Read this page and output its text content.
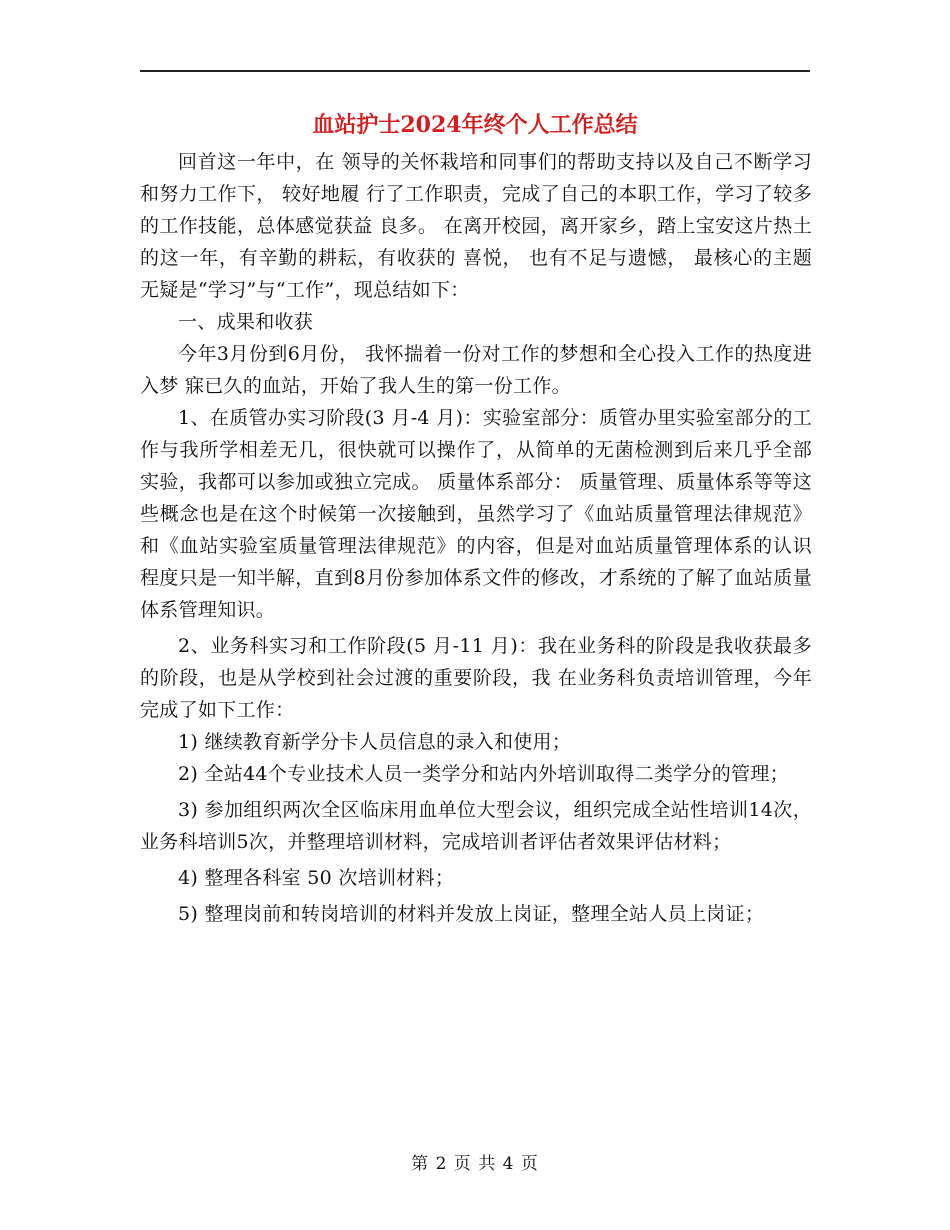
血站护士2024年终个人工作总结

回首这一年中，在 领导的关怀栽培和同事们的帮助支持以及自己不断学习和努力工作下， 较好地履 行了工作职责，完成了自己的本职工作，学习了较多的工作技能，总体感觉获益 良多。 在离开校园，离开家乡，踏上宝安这片热土的这一年，有辛勤的耕耘，有收获的 喜悦， 也有不足与遗憾， 最核心的主题无疑是“学习”与“工作”，现总结如下：

一、成果和收获

今年3月份到6月份， 我怀揣着一份对工作的梦想和全心投入工作的热度进入梦 寐已久的血站，开始了我人生的第一份工作。

1、在质管办实习阶段(3 月-4 月)：实验室部分：质管办里实验室部分的工作与我所学相差无几，很快就可以操作了，从简单的无菌检测到后来几乎全部实验，我都可以参加或独立完成。 质量体系部分： 质量管理、质量体系等等这些概念也是在这个时候第一次接触到，虽然学习了《血站质量管理法律规范》和《血站实验室质量管理法律规范》的内容，但是对血站质量管理体系的认识程度只是一知半解，直到8月份参加体系文件的修改，才系统的了解了血站质量体系管理知识。

2、业务科实习和工作阶段(5 月-11 月)：我在业务科的阶段是我收获最多的阶段，也是从学校到社会过渡的重要阶段，我 在业务科负责培训管理，今年完成了如下工作：

1) 继续教育新学分卡人员信息的录入和使用；

2) 全站44个专业技术人员一类学分和站内外培训取得二类学分的管理；

3) 参加组织两次全区临床用血单位大型会议，组织完成全站性培训14次，业务科培训5次，并整理培训材料，完成培训者评估者效果评估材料；

4) 整理各科室 50 次培训材料；

5) 整理岗前和转岗培训的材料并发放上岗证，整理全站人员上岗证；

第 2 页 共 4 页
